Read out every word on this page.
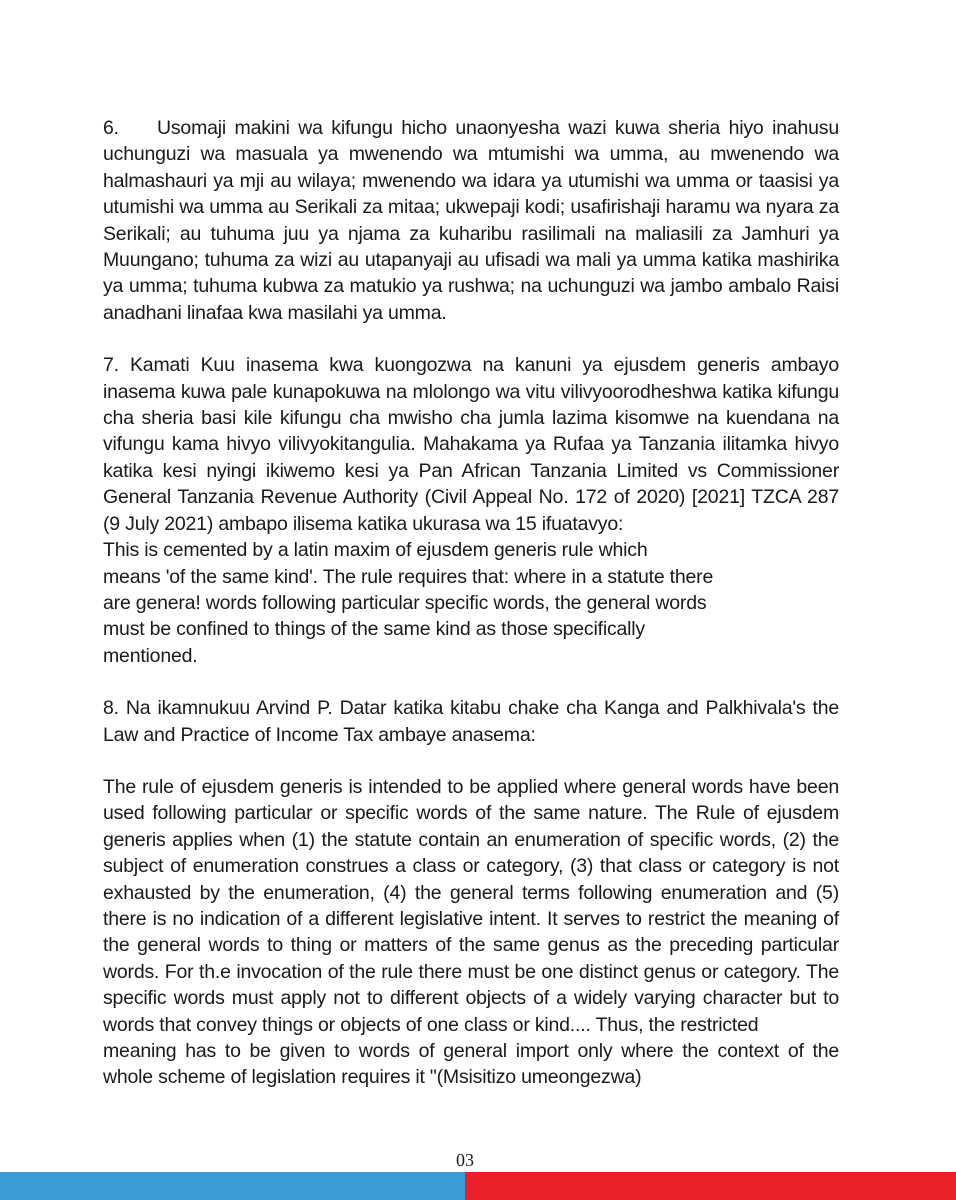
6. Usomaji makini wa kifungu hicho unaonyesha wazi kuwa sheria hiyo inahusu uchunguzi wa masuala ya mwenendo wa mtumishi wa umma, au mwenendo wa halmashauri ya mji au wilaya; mwenendo wa idara ya utumishi wa umma or taasisi ya utumishi wa umma au Serikali za mitaa; ukwepaji kodi; usafirishaji haramu wa nyara za Serikali; au tuhuma juu ya njama za kuharibu rasilimali na maliasili za Jamhuri ya Muungano; tuhuma za wizi au utapanyaji au ufisadi wa mali ya umma katika mashirika ya umma; tuhuma kubwa za matukio ya rushwa; na uchunguzi wa jambo ambalo Raisi anadhani linafaa kwa masilahi ya umma.

7. Kamati Kuu inasema kwa kuongozwa na kanuni ya ejusdem generis ambayo inasema kuwa pale kunapokuwa na mlolongo wa vitu vilivyoorodheshwa katika kifungu cha sheria basi kile kifungu cha mwisho cha jumla lazima kisomwe na kuendana na vifungu kama hivyo vilivyokitangulia. Mahakama ya Rufaa ya Tanzania ilitamka hivyo katika kesi nyingi ikiwemo kesi ya Pan African Tanzania Limited vs Commissioner General Tanzania Revenue Authority (Civil Appeal No. 172 of 2020) [2021] TZCA 287 (9 July 2021) ambapo ilisema katika ukurasa wa 15 ifuatavyo:

This is cemented by a latin maxim of ejusdem generis rule which

means 'of the same kind'. The rule requires that: where in a statute there

are genera! words following particular specific words, the general words

must be confined to things of the same kind as those specifically

mentioned.

8. Na ikamnukuu Arvind P. Datar katika kitabu chake cha Kanga and Palkhivala's the Law and Practice of Income Tax ambaye anasema:

The rule of ejusdem generis is intended to be applied where general words have been used following particular or specific words of the same nature. The Rule of ejusdem generis applies when (1) the statute contain an enumeration of specific words, (2) the subject of enumeration construes a class or category, (3) that class or category is not exhausted by the enumeration, (4) the general terms following enumeration and (5) there is no indication of a different legislative intent. It serves to restrict the meaning of the general words to thing or matters of the same genus as the preceding particular words. For th.e invocation of the rule there must be one distinct genus or category. The specific words must apply not to different objects of a widely varying character but to words that convey things or objects of one class or kind.... Thus, the restricted

meaning has to be given to words of general import only where the context of the whole scheme of legislation requires it "(Msisitizo umeongezwa)

03
